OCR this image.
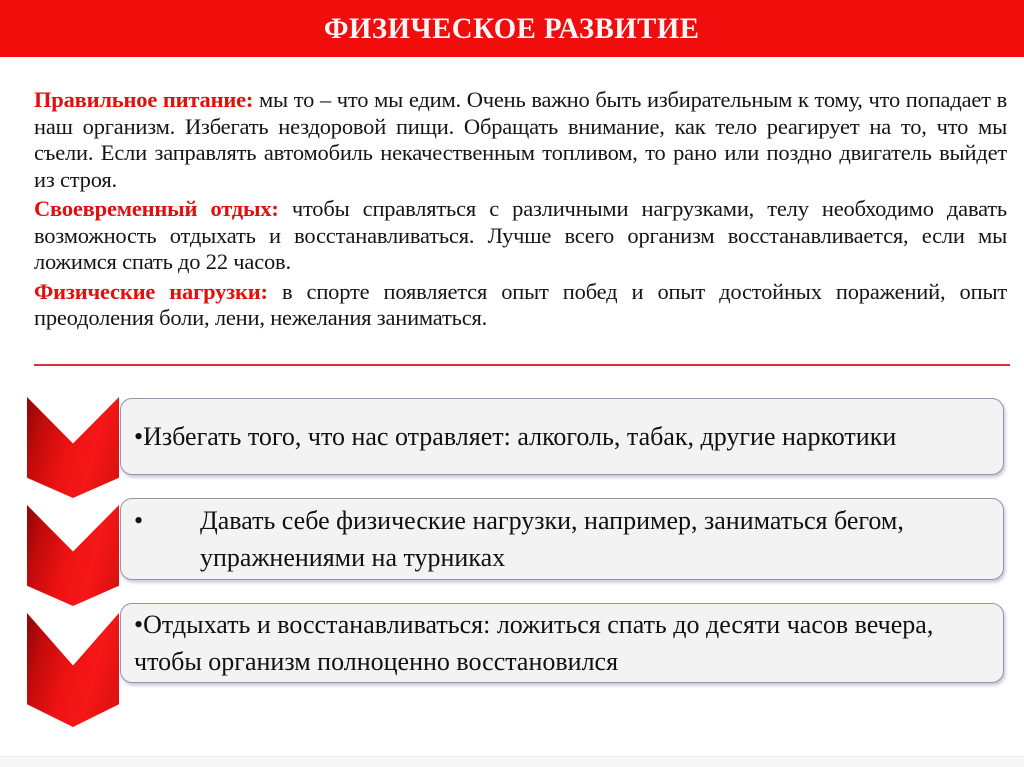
ФИЗИЧЕСКОЕ РАЗВИТИЕ

Правильное питание: мы то – что мы едим. Очень важно быть избирательным к тому, что попадает в наш организм. Избегать нездоровой пищи. Обращать внимание, как тело реагирует на то, что мы съели. Если заправлять автомобиль некачественным топливом, то рано или поздно двигатель выйдет из строя.

Своевременный отдых: чтобы справляться с различными нагрузками, телу необходимо давать возможность отдыхать и восстанавливаться. Лучше всего организм восстанавливается, если мы ложимся спать до 22 часов.

Физические нагрузки: в спорте появляется опыт побед и опыт достойных поражений, опыт преодоления боли, лени, нежелания заниматься.

•Избегать того, что нас отравляет: алкоголь, табак, другие наркотики
•	Давать себе физические нагрузки, например, заниматься бегом, упражнениями на турниках
•Отдыхать и восстанавливаться: ложиться спать до десяти часов вечера, чтобы организм полноценно восстановился
